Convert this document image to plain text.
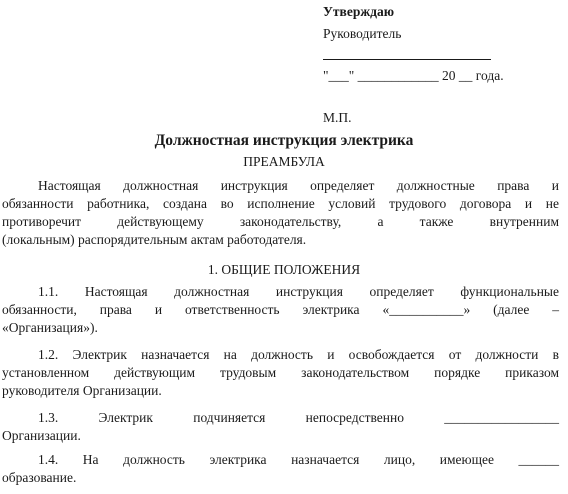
Утверждаю
Руководитель
"___" ____________ 20 __ года.
М.П.
Должностная инструкция электрика
ПРЕАМБУЛА
Настоящая должностная инструкция определяет должностные права и
обязанности работника, созданa во исполнение условий трудового договора и не
противоречит действующему законодательству, а также внутренним
(локальным) распорядительным актам работодателя.
1. ОБЩИЕ ПОЛОЖЕНИЯ
1.1. Настоящая должностная инструкция определяет функциональные
обязанности, права и ответственность электрика «___________» (далее –
«Организация»).
1.2. Электрик назначается на должность и освобождается от должности в
установленном действующим трудовым законодательством порядке приказом
руководителя Организации.
1.3. Электрик подчиняется непосредственно _________________
Организации.
1.4. На должность электрика назначается лицо, имеющее ______
образование.
